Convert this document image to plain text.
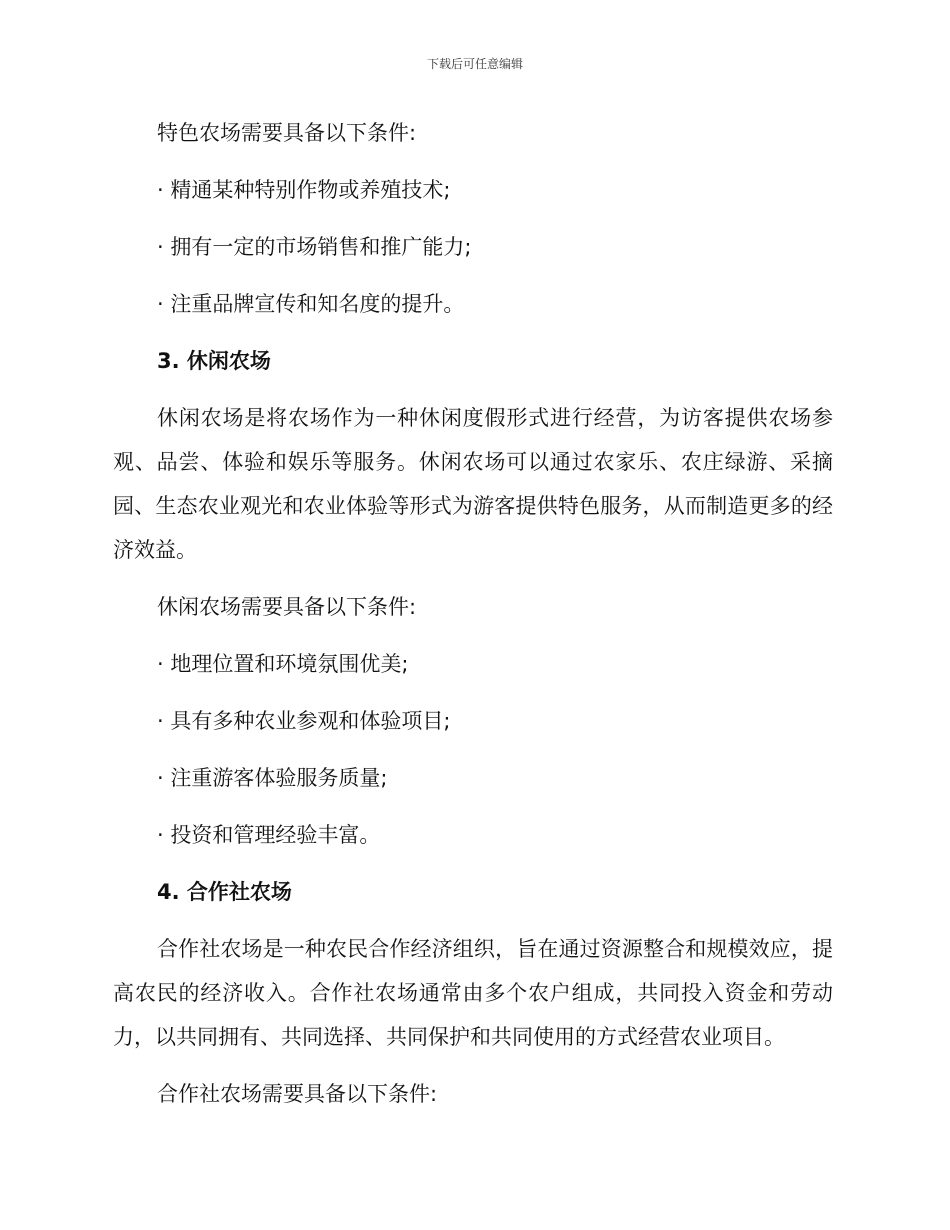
下载后可任意编辑

特色农场需要具备以下条件:

· 精通某种特别作物或养殖技术;

· 拥有一定的市场销售和推广能力;

· 注重品牌宣传和知名度的提升。

3. 休闲农场

休闲农场是将农场作为一种休闲度假形式进行经营，为访客提供农场参观、品尝、体验和娱乐等服务。休闲农场可以通过农家乐、农庄绿游、采摘园、生态农业观光和农业体验等形式为游客提供特色服务，从而制造更多的经济效益。

休闲农场需要具备以下条件:

· 地理位置和环境氛围优美;

· 具有多种农业参观和体验项目;

· 注重游客体验服务质量;

· 投资和管理经验丰富。

4. 合作社农场

合作社农场是一种农民合作经济组织，旨在通过资源整合和规模效应，提高农民的经济收入。合作社农场通常由多个农户组成，共同投入资金和劳动力，以共同拥有、共同选择、共同保护和共同使用的方式经营农业项目。

合作社农场需要具备以下条件:
